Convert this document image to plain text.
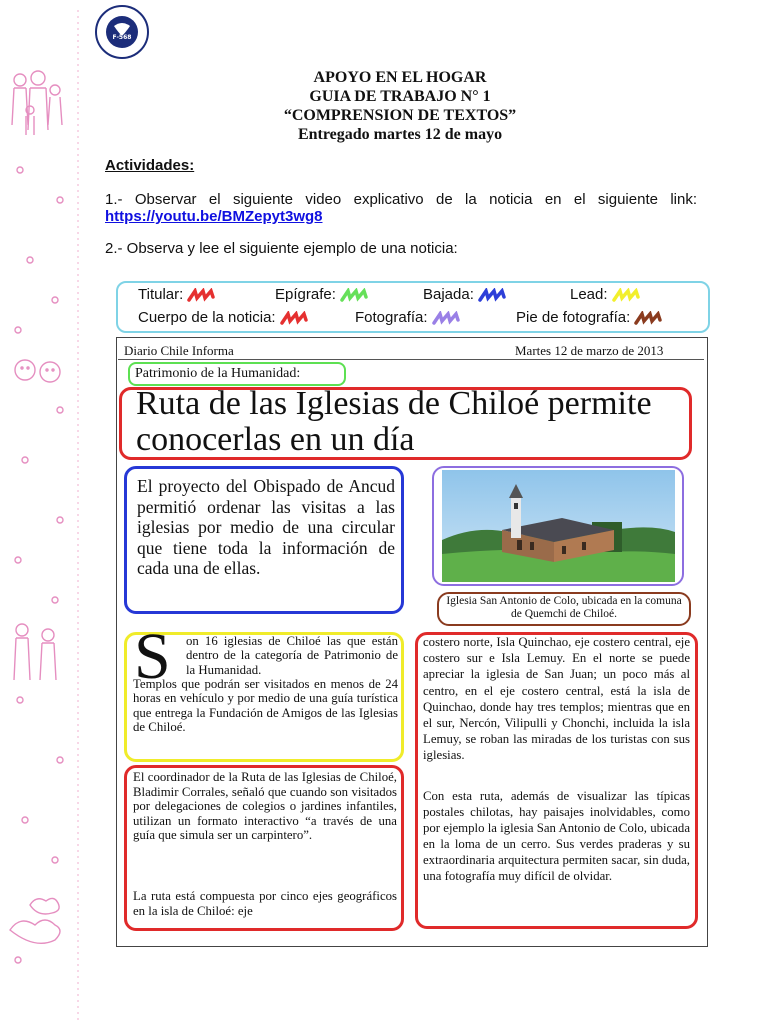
F-568
APOYO EN EL HOGAR
GUIA DE TRABAJO N° 1
“COMPRENSION DE TEXTOS”
Entregado martes 12 de mayo
Actividades:
1.- Observar el siguiente video explicativo de la noticia en el siguiente link: https://youtu.be/BMZepyt3wg8
2.- Observa y lee el siguiente ejemplo de una noticia:
Titular:	Epígrafe:	Bajada:	Lead:
Cuerpo de la noticia:	Fotografía:	Pie de fotografía:
Diario Chile Informa	Martes 12 de marzo de 2013
Patrimonio de la Humanidad:
Ruta de las Iglesias de Chiloé permite conocerlas en un día
El proyecto del Obispado de Ancud permitió ordenar las visitas a las iglesias por medio de una circular que tiene toda la información de cada una de ellas.
Iglesia San Antonio de Colo, ubicada en la comuna de Quemchi de Chiloé.
S on 16 iglesias de Chiloé las que están dentro de la categoría de Patrimonio de la Humanidad.
Templos que podrán ser visitados en menos de 24 horas en vehículo y por medio de una guía turística que entrega la Fundación de Amigos de las Iglesias de Chiloé.
El coordinador de la Ruta de las Iglesias de Chiloé, Bladimir Corrales, señaló que cuando son visitados por delegaciones de colegios o jardines infantiles, utilizan un formato interactivo “a través de una guía que simula ser un carpintero”.
La ruta está compuesta por cinco ejes geográficos en la isla de Chiloé: eje
costero norte, Isla Quinchao, eje costero central, eje costero sur e Isla Lemuy. En el norte se puede apreciar la iglesia de San Juan; un poco más al centro, en el eje costero central, está la isla de Quinchao, donde hay tres templos; mientras que en el sur, Nercón, Vilipulli y Chonchi, incluida la isla Lemuy, se roban las miradas de los turistas con sus iglesias.
Con esta ruta, además de visualizar las típicas postales chilotas, hay paisajes inolvidables, como por ejemplo la iglesia San Antonio de Colo, ubicada en la loma de un cerro. Sus verdes praderas y su extraordinaria arquitectura permiten sacar, sin duda, una fotografía muy difícil de olvidar.
